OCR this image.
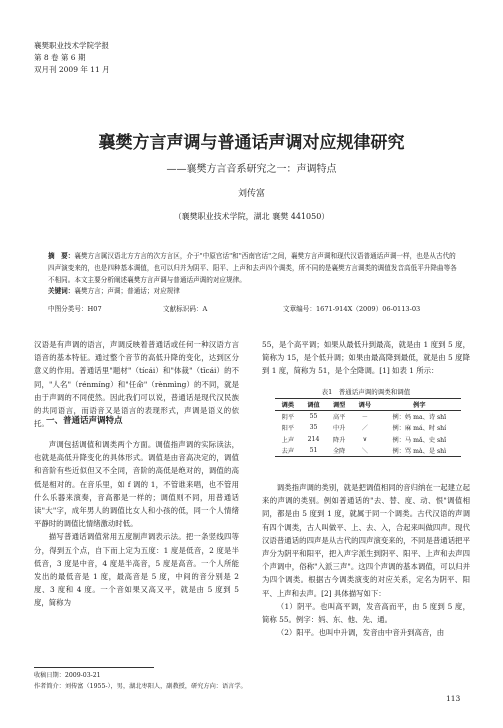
襄樊职业技术学院学报
第 8 卷 第 6 期
双月刊 2009 年 11 月
襄樊方言声调与普通话声调对应规律研究
——襄樊方言音系研究之一：声调特点
刘传富
（襄樊职业技术学院，湖北 襄樊 441050）
摘　要：襄樊方言属汉语北方方言的次方言区，介于"中原官话"和"西南官话"之间，襄樊方言声调和现代汉语普通话声调一样，也是从古代的四声演变来的，也是四种基本调值，也可以归并为阴平、阳平、上声和去声四个调类，所不同的是襄樊方言调类的调值发音高低平升降曲等各不相同。本文主要分析阐述襄樊方言声调与普通话声调的对应规律。
关键词：襄樊方言；声调；普通话；对应规律
中图分类号：H07	文献标识码：A	文章编号：1671-914X（2009）06-0113-03
汉语是有声调的语言，声调反映着普通话或任何一种汉语方言语音的基本特征。通过整个音节的高低升降的变化，达到区分意义的作用。普通话里"题材"（tícái）和"体裁"（tǐcái）的不同，"人名"（rénmíng）和"任命"（rènmìng）的不同，就是由于声调的不同使然。因此我们可以说，普通话是现代汉民族的共同语言，而语音又是语言的表现形式，声调是语义的依托。
一、普通话声调特点
声调包括调值和调类两个方面。调值指声调的实际读法，也就是高低升降变化的具体形式。调值是由音高决定的，调值和音阶有些近似但又不全同，音阶的高低是绝对的，调值的高低是相对的。在音乐里，如 f 调的 1，不管谁来唱，也不管用什么乐器来演奏，音高都是一样的；调值则不同，用普通话读"大"字，成年男人的调值比女人和小孩的低，同一个人情绪平静时的调值比情绪激动时低。
描写普通话调值常用五度制声调表示法。把一条竖线四等分，得到五个点，自下而上定为五度：1 度是低音，2 度是半低音，3 度是中音，4 度是半高音，5 度是高音。一个人所能发出的最低音是 1 度，最高音是 5 度，中间的音分别是 2 度、3 度和 4 度。一个音如果又高又平，就是由 5 度到 5 度，简称为
55，是个高平调；如果从最低升到最高，就是由 1 度到 5 度，简称为 15，是个低升调；如果由最高降到最低，就是由 5 度降到 1 度，简称为 51，是个全降调。[1] 如表 1 所示：
表1　普通话声调的调类和调值
调类	调值	调型	调号	例字
阴平	55	高平	－	例：妈 ma、诗 shī
阳平	35	中升	／	例：麻 má、时 shí
上声	214	降升	∨	例：马 mǎ、史 shǐ
去声	51	全降	＼	例：骂 mà、是 shì
调类指声调的类别，就是把调值相同的音归纳在一起建立起来的声调的类别。例如普通话的"去、替、度、动、恨"调值相同，都是由 5 度到 1 度，就属于同一个调类。古代汉语的声调有四个调类，古人叫做平、上、去、入，合起来叫做四声。现代汉语普通话的四声是从古代的四声演变来的，不同是普通话把平声分为阴平和阳平，把入声字派生到阴平、阳平、上声和去声四个声调中，俗称"入派三声"。这四个声调的基本调值，可以归并为四个调类。根据古今调类演变的对应关系，定名为阴平、阳平、上声和去声。[2] 具体描写如下：
（1）阴平。也叫高平调，发音高而平，由 5 度到 5 度，简称 55。例字：妈、东、他、先、通。
（2）阳平。也叫中升调，发音由中音升到高音，由
收稿日期：2009-03-21
作者简介：刘传富（1955-），男，湖北枣阳人，副教授，研究方向：语言学。
113
